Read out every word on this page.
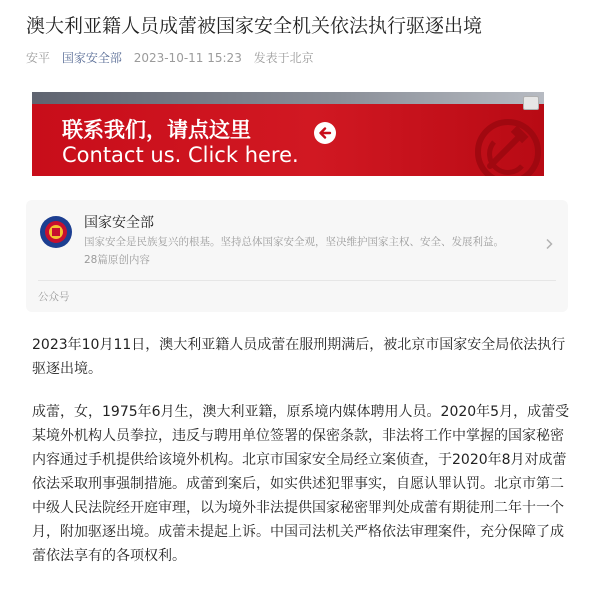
澳大利亚籍人员成蕾被国家安全机关依法执行驱逐出境
安平 国家安全部 2023-10-11 15:23 发表于北京
联系我们，请点这里
Contact us. Click here.
国家安全部
国家安全是民族复兴的根基。坚持总体国家安全观，坚决维护国家主权、安全、发展利益。
28篇原创内容
公众号

2023年10月11日，澳大利亚籍人员成蕾在服刑期满后，被北京市国家安全局依法执行驱逐出境。

成蕾，女，1975年6月生，澳大利亚籍，原系境内媒体聘用人员。2020年5月，成蕾受某境外机构人员拳拉，违反与聘用单位签署的保密条款，非法将工作中掌握的国家秘密内容通过手机提供给该境外机构。北京市国家安全局经立案侦查，于2020年8月对成蕾依法采取刑事强制措施。成蕾到案后，如实供述犯罪事实，自愿认罪认罚。北京市第二中级人民法院经开庭审理，以为境外非法提供国家秘密罪判处成蕾有期徒刑二年十一个月，附加驱逐出境。成蕾未提起上诉。中国司法机关严格依法审理案件，充分保障了成蕾依法享有的各项权利。
